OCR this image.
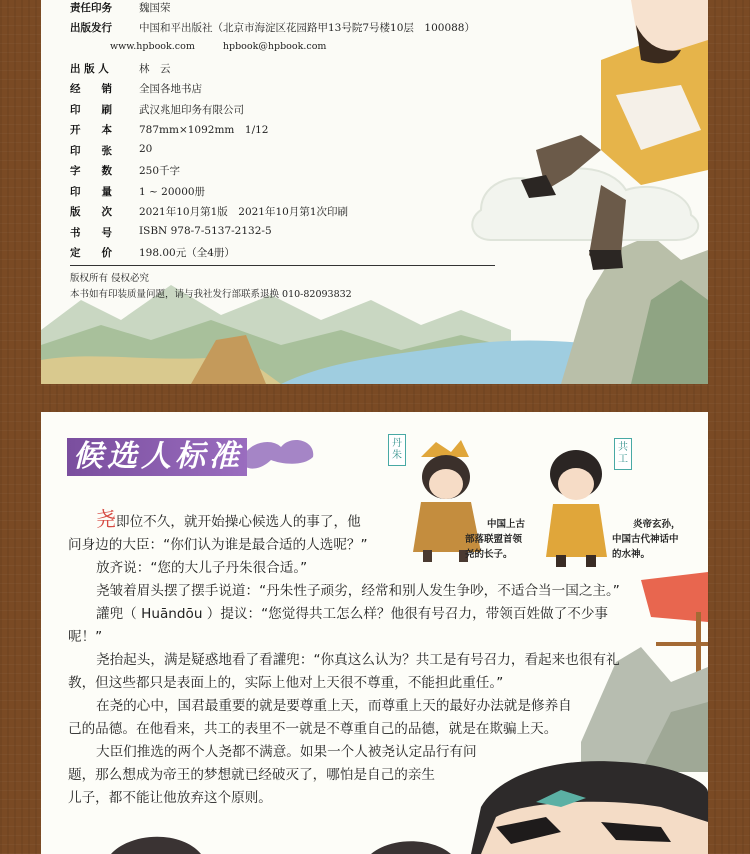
责任印务	魏国荣
出版发行	中国和平出版社（北京市海淀区花园路甲13号院7号楼10层　100088）
出 版 人	林　云
经　　销	全国各地书店
印　　刷	武汉兆旭印务有限公司
开　　本	787mm×1092mm　1/12
印　　张	20
字　　数	250千字
印　　量	1 ~ 20000册
版　　次	2021年10月第1版　2021年10月第1次印刷
书　　号	ISBN 978-7-5137-2132-5
定　　价	198.00元（全4册）
www.hpbook.com	hpbook@hpbook.com
版权所有 侵权必究
本书如有印装质量问题，请与我社发行部联系退换 010-82093832
候选人标准	丹
朱
共
工
中国上古
部落联盟首领
尧的长子。
炎帝玄孙，
中国古代神话中
的水神。
尧即位不久，就开始操心候选人的事了，他
问身边的大臣：“你们认为谁是最合适的人选呢？”
放齐说：“您的大儿子丹朱很合适。”
尧皱着眉头摆了摆手说道：“丹朱性子顽劣，经常和别人发生争吵，不适合当一国之主。”
讙兜（ Huāndōu ）提议：“您觉得共工怎么样？他很有号召力，带领百姓做了不少事
呢！”
尧抬起头，满是疑惑地看了看讙兜：“你真这么认为？共工是有号召力，看起来也很有礼
教，但这些都只是表面上的，实际上他对上天很不尊重，不能担此重任。”
在尧的心中，国君最重要的就是要尊重上天，而尊重上天的最好办法就是修养自
己的品德。在他看来，共工的表里不一就是不尊重自己的品德，就是在欺骗上天。
大臣们推选的两个人尧都不满意。如果一个人被尧认定品行有问
题，那么想成为帝王的梦想就已经破灭了，哪怕是自己的亲生
儿子，都不能让他放弃这个原则。
